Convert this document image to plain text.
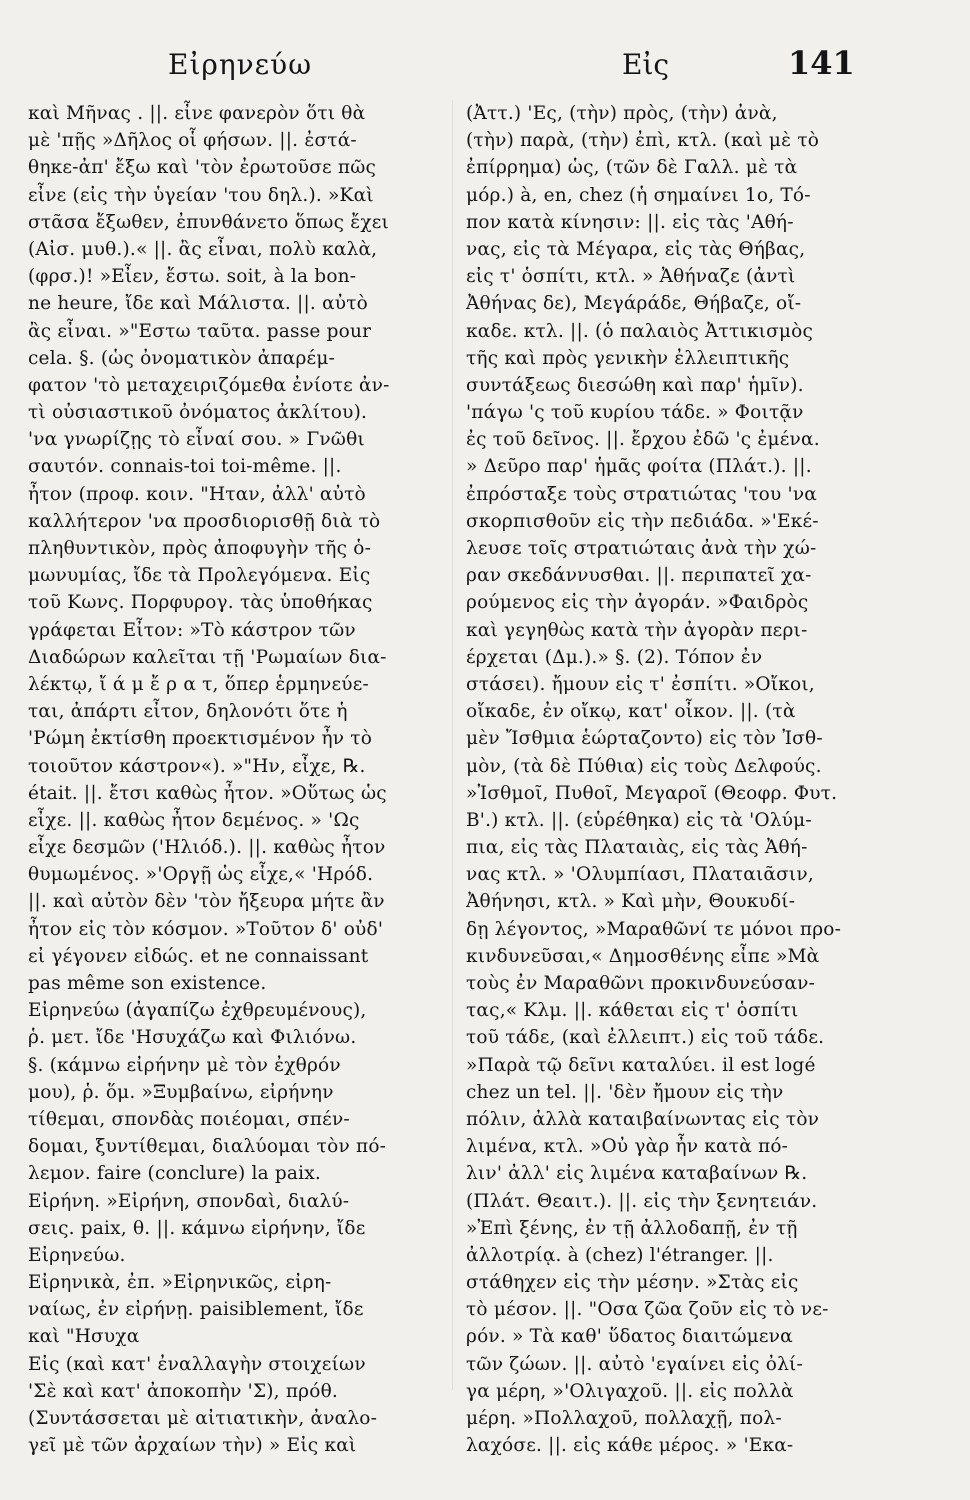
Εἰρηνεύω	Εἰς	141
καὶ Μῆνας . ||. εἶνε φανερὸν ὅτι θὰ
μὲ 'πῇς »Δῆλος οἷ φήσων. ||. ἐστά-
θηκε-ἀπ' ἔξω καὶ 'τὸν ἐρωτοῦσε πῶς
εἶνε (εἰς τὴν ὑγείαν 'του δηλ.). »Καὶ
στᾶσα ἔξωθεν, ἐπυνθάνετο ὅπως ἔχει
(Αἰσ. μυθ.).« ||. ἂς εἶναι, πολὺ καλὰ,
(φρσ.)! »Εἶεν, ἔστω. soit, à la bon-
ne heure, ἴδε καὶ Μάλιστα. ||. αὐτὸ
ἂς εἶναι. »"Εστω ταῦτα. passe pour
cela. §. (ὡς ὀνοματικὸν ἀπαρέμ-
φατον 'τὸ μεταχειριζόμεθα ἐνίοτε ἀν-
τὶ οὐσιαστικοῦ ὀνόματος ἀκλίτου).
'να γνωρίζῃς τὸ εἶναί σου. » Γνῶθι
σαυτόν. connais-toi toi-même. ||.
ἦτον (προφ. κοιν. "Ηταν, ἀλλ' αὐτὸ
καλλήτερον 'να προσδιορισθῇ διὰ τὸ
πληθυντικὸν, πρὸς ἀποφυγὴν τῆς ὁ-
μωνυμίας, ἴδε τὰ Προλεγόμενα. Εἰς
τοῦ Κωνς. Πορφυρογ. τὰς ὑποθήκας
γράφεται Εἶτον: »Τὸ κάστρον τῶν
Διαδώρων καλεῖται τῇ 'Ρωμαίων δια-
λέκτῳ, ἴ ά μ ἔ ρ α τ, ὅπερ ἑρμηνεύε-
ται, ἀπάρτι εἶτον, δηλονότι ὅτε ἡ
'Ρώμη ἐκτίσθη προεκτισμένον ἦν τὸ
τοιοῦτον κάστρον«). »"Ην, εἶχε, ℞.
était. ||. ἔτσι καθὼς ἦτον. »Οὕτως ὡς
εἶχε. ||. καθὼς ἦτον δεμένος. » 'Ως
εἶχε δεσμῶν ('Ηλιόδ.). ||. καθὼς ἦτον
θυμωμένος. »'Οργῇ ὡς εἶχε,« 'Ηρόδ.
||. καὶ αὐτὸν δὲν 'τὸν ἤξευρα μήτε ἂν
ἦτον εἰς τὸν κόσμον. »Τοῦτον δ' οὐδ'
εἰ γέγονεν εἰδώς. et ne connaissant
pas même son existence.
Εἰρηνεύω (ἀγαπίζω ἐχθρευμένους),
ῥ. μετ. ἴδε 'Ησυχάζω καὶ Φιλιόνω.
§. (κάμνω εἰρήνην μὲ τὸν ἐχθρόν
μου), ῥ. ὅμ. »Ξυμβαίνω, εἰρήνην
τίθεμαι, σπονδὰς ποιέομαι, σπέν-
δομαι, ξυντίθεμαι, διαλύομαι τὸν πό-
λεμον. faire (conclure) la paix.
Εἰρήνη. »Εἰρήνη, σπονδαὶ, διαλύ-
σεις. paix, θ. ||. κάμνω εἰρήνην, ἴδε
Εἰρηνεύω.
Εἰρηνικὰ, ἐπ. »Εἰρηνικῶς, εἰρη-
ναίως, ἐν εἰρήνῃ. paisiblement, ἴδε
καὶ "Ησυχα
Εἰς (καὶ κατ' ἐναλλαγὴν στοιχείων
'Σὲ καὶ κατ' ἀποκοπὴν 'Σ), πρόθ.
(Συντάσσεται μὲ αἰτιατικὴν, ἀναλο-
γεῖ μὲ τῶν ἀρχαίων τὴν) » Εἰς καὶ
(Ἀττ.) 'Ες, (τὴν) πρὸς, (τὴν) ἀνὰ,
(τὴν) παρὰ, (τὴν) ἐπὶ, κτλ. (καὶ μὲ τὸ
ἐπίρρημα) ὡς, (τῶν δὲ Γαλλ. μὲ τὰ
μόρ.) à, en, chez (ἡ σημαίνει 1ο, Τό-
πον κατὰ κίνησιν: ||. εἰς τὰς 'Αθή-
νας, εἰς τὰ Μέγαρα, εἰς τὰς Θήβας,
εἰς τ' ὁσπίτι, κτλ. » Ἀθήναζε (ἀντὶ
Ἀθήνας δε), Μεγάράδε, Θήβαζε, οἴ-
καδε. κτλ. ||. (ὁ παλαιὸς Ἀττικισμὸς
τῆς καὶ πρὸς γενικὴν ἐλλειπτικῆς
συντάξεως διεσώθη καὶ παρ' ἡμῖν).
'πάγω 'ς τοῦ κυρίου τάδε. » Φοιτᾷν
ἐς τοῦ δεῖνος. ||. ἔρχου ἐδῶ 'ς ἐμένα.
» Δεῦρο παρ' ἡμᾶς φοίτα (Πλάτ.). ||.
ἐπρόσταξε τοὺς στρατιώτας 'του 'να
σκορπισθοῦν εἰς τὴν πεδιάδα. »'Εκέ-
λευσε τοῖς στρατιώταις ἀνὰ τὴν χώ-
ραν σκεδάννυσθαι. ||. περιπατεῖ χα-
ρούμενος εἰς τὴν ἀγοράν. »Φαιδρὸς
καὶ γεγηθὼς κατὰ τὴν ἀγορὰν περι-
έρχεται (Δμ.).» §. (2). Τόπον ἐν
στάσει). ἤμουν εἰς τ' ἐσπίτι. »Οἴκοι,
οἴκαδε, ἐν οἴκῳ, κατ' οἶκον. ||. (τὰ
μὲν Ἴσθμια ἑώρταζοντο) εἰς τὸν Ἰσθ-
μὸν, (τὰ δὲ Πύθια) εἰς τοὺς Δελφούς.
»Ἰσθμοῖ, Πυθοῖ, Μεγαροῖ (Θεοφρ. Φυτ.
Β'.) κτλ. ||. (εὑρέθηκα) εἰς τὰ 'Ολύμ-
πια, εἰς τὰς Πλαταιὰς, εἰς τὰς Ἀθή-
νας κτλ. » 'Ολυμπίασι, Πλαταιᾶσιν,
Ἀθήνησι, κτλ. » Καὶ μὴν, Θουκυδί-
δῃ λέγοντος, »Μαραθῶνί τε μόνοι προ-
κινδυνεῦσαι,« Δημοσθένης εἶπε »Μὰ
τοὺς ἐν Μαραθῶνι προκινδυνεύσαν-
τας,« Κλμ. ||. κάθεται εἰς τ' ὁσπίτι
τοῦ τάδε, (καὶ ἐλλειπτ.) εἰς τοῦ τάδε.
»Παρὰ τῷ δεῖνι καταλύει. il est logé
chez un tel. ||. 'δὲν ἤμουν εἰς τὴν
πόλιν, ἀλλὰ καταιβαίνωντας εἰς τὸν
λιμένα, κτλ. »Οὐ γὰρ ἦν κατὰ πό-
λιν' ἀλλ' εἰς λιμένα καταβαίνων ℞.
(Πλάτ. Θεαιτ.). ||. εἰς τὴν ξενητειάν.
»Ἐπὶ ξένης, ἐν τῇ ἀλλοδαπῇ, ἐν τῇ
ἀλλοτρίᾳ. à (chez) l'étranger. ||.
στάθηχεν εἰς τὴν μέσην. »Στὰς εἰς
τὸ μέσον. ||. "Οσα ζῶα ζοῦν εἰς τὸ νε-
ρόν. » Τὰ καθ' ὕδατος διαιτώμενα
τῶν ζώων. ||. αὐτὸ 'εγαίνει εἰς ὀλί-
γα μέρη, »'Ολιγαχοῦ. ||. εἰς πολλὰ
μέρη. »Πολλαχοῦ, πολλαχῇ, πολ-
λαχόσε. ||. εἰς κάθε μέρος. » 'Εκα-
